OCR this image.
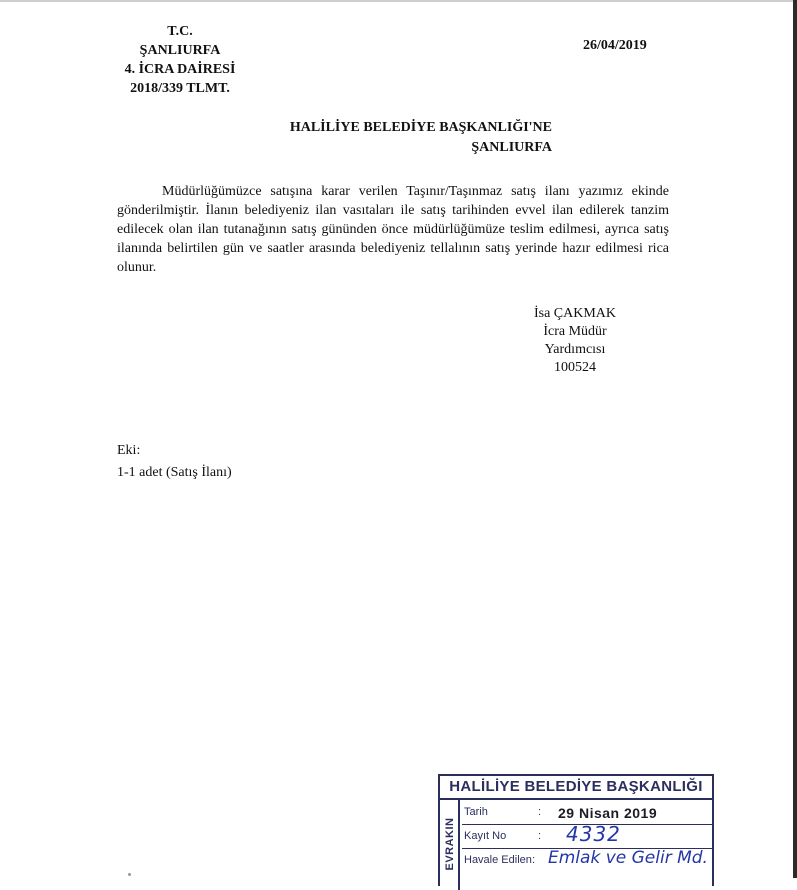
T.C.
ŞANLIURFA
4. İCRA DAİRESİ
2018/339 TLMT.
26/04/2019
HALİLİYE BELEDİYE BAŞKANLIĞI'NE
ŞANLIURFA
Müdürlüğümüzce satışına karar verilen Taşınır/Taşınmaz satış ilanı yazımız ekinde gönderilmiştir. İlanın belediyeniz ilan vasıtaları ile satış tarihinden evvel ilan edilerek tanzim edilecek olan ilan tutanağının satış gününden önce müdürlüğümüze teslim edilmesi, ayrıca satış ilanında belirtilen gün ve saatler arasında belediyeniz tellalının satış yerinde hazır edilmesi rica olunur.
İsa ÇAKMAK
İcra Müdür Yardımcısı
100524
Eki:
1-1 adet (Satış İlanı)
HALİLİYE BELEDİYE BAŞKANLIĞI
EVRAKIN
Tarih	: 29 Nisan 2019
Kayıt No	: 4332
Havale Edilen : Emlak ve Gelir Md.
